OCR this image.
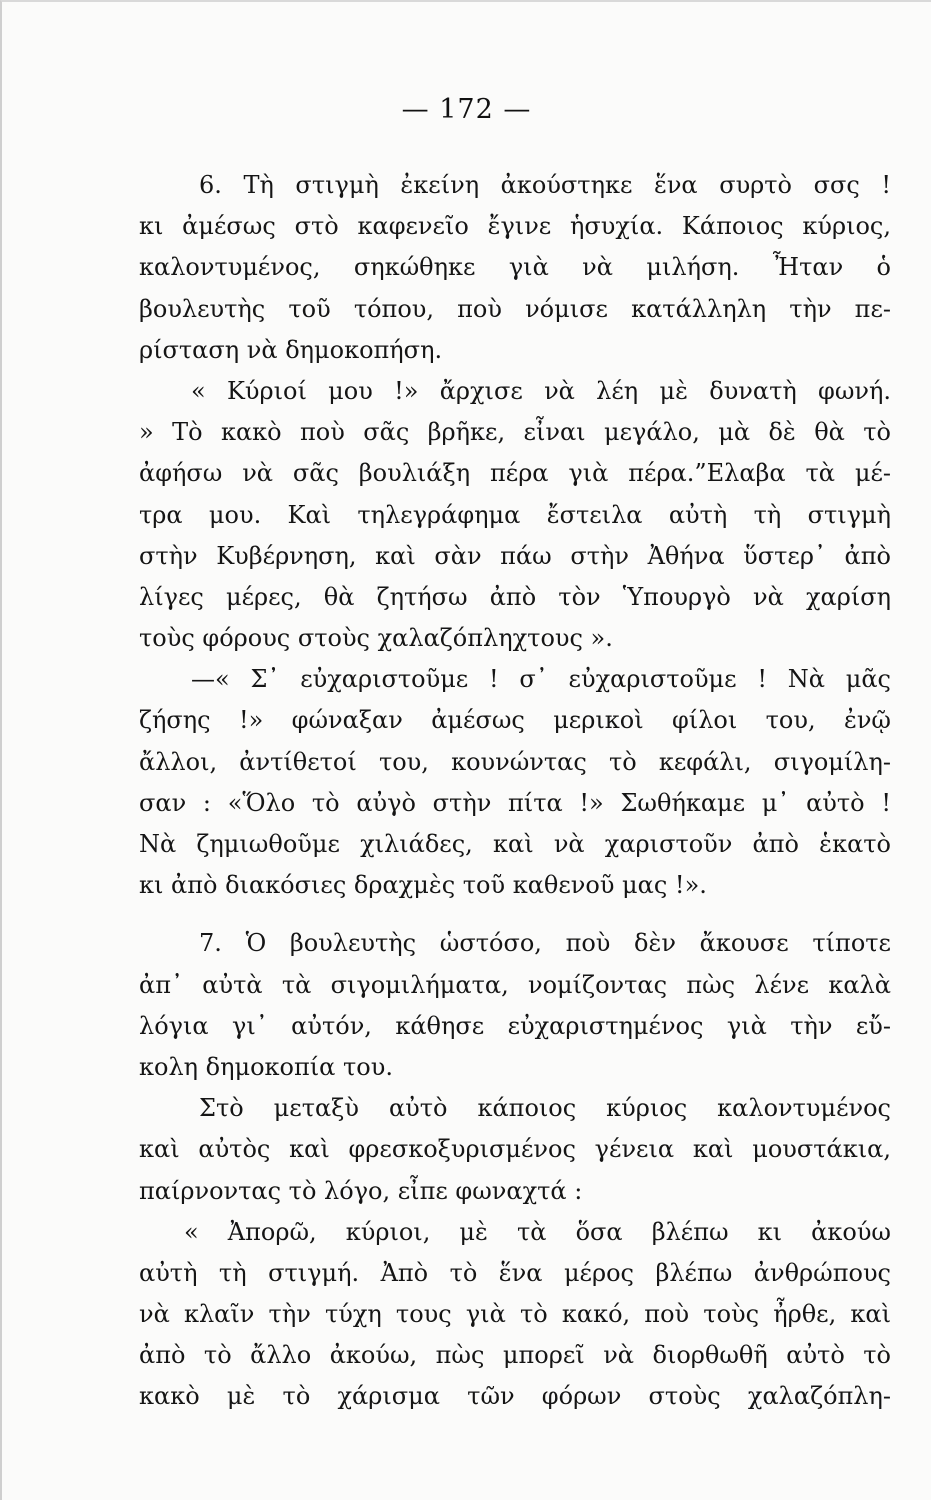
— 172 —
6. Τὴ στιγμὴ ἐκείνη ἀκούστηκε ἕνα συρτὸ σσς !
κι ἀμέσως στὸ καφενεῖο ἔγινε ἡσυχία. Κάποιος κύριος,
καλοντυμένος, σηκώθηκε γιὰ νὰ μιλήση. Ἦταν ὁ
βουλευτὴς τοῦ τόπου, ποὺ νόμισε κατάλληλη τὴν πε-
ρίσταση νὰ δημοκοπήση.
« Κύριοί μου !» ἄρχισε νὰ λέη μὲ δυνατὴ φωνή.
» Τὸ κακὸ ποὺ σᾶς βρῆκε, εἶναι μεγάλο, μὰ δὲ θὰ τὸ
ἀφήσω νὰ σᾶς βουλιάξη πέρα γιὰ πέρα.”Ελαβα τὰ μέ-
τρα μου. Καὶ τηλεγράφημα ἔστειλα αὐτὴ τὴ στιγμὴ
στὴν Κυβέρνηση, καὶ σὰν πάω στὴν Ἀθήνα ὕστερ᾽ ἀπὸ
λίγες μέρες, θὰ ζητήσω ἀπὸ τὸν Ὑπουργὸ νὰ χαρίση
τοὺς φόρους στοὺς χαλαζόπληχτους ».
—« Σ᾽ εὐχαριστοῦμε ! σ᾽ εὐχαριστοῦμε ! Νὰ μᾶς
ζήσης !» φώναξαν ἀμέσως μερικοὶ φίλοι του, ἐνῷ
ἄλλοι, ἀντίθετοί του, κουνώντας τὸ κεφάλι, σιγομίλη-
σαν : «Ὅλο τὸ αὐγὸ στὴν πίτα !» Σωθήκαμε μ᾽ αὐτὸ !
Νὰ ζημιωθοῦμε χιλιάδες, καὶ νὰ χαριστοῦν ἀπὸ ἑκατὸ
κι ἀπὸ διακόσιες δραχμὲς τοῦ καθενοῦ μας !».
7. Ὁ βουλευτὴς ὡστόσο, ποὺ δὲν ἄκουσε τίποτε
ἀπ᾽ αὐτὰ τὰ σιγομιλήματα, νομίζοντας πὼς λένε καλὰ
λόγια γι᾽ αὐτόν, κάθησε εὐχαριστημένος γιὰ τὴν εὔ-
κολη δημοκοπία του.
Στὸ μεταξὺ αὐτὸ κάποιος κύριος καλοντυμένος
καὶ αὐτὸς καὶ φρεσκοξυρισμένος γένεια καὶ μουστάκια,
παίρνοντας τὸ λόγο, εἶπε φωναχτά :
« Ἀπορῶ, κύριοι, μὲ τὰ ὅσα βλέπω κι ἀκούω
αὐτὴ τὴ στιγμή. Ἀπὸ τὸ ἕνα μέρος βλέπω ἀνθρώπους
νὰ κλαῖν τὴν τύχη τους γιὰ τὸ κακό, ποὺ τοὺς ἦρθε, καὶ
ἀπὸ τὸ ἄλλο ἀκούω, πὼς μπορεῖ νὰ διορθωθῆ αὐτὸ τὸ
κακὸ μὲ τὸ χάρισμα τῶν φόρων στοὺς χαλαζόπλη-
